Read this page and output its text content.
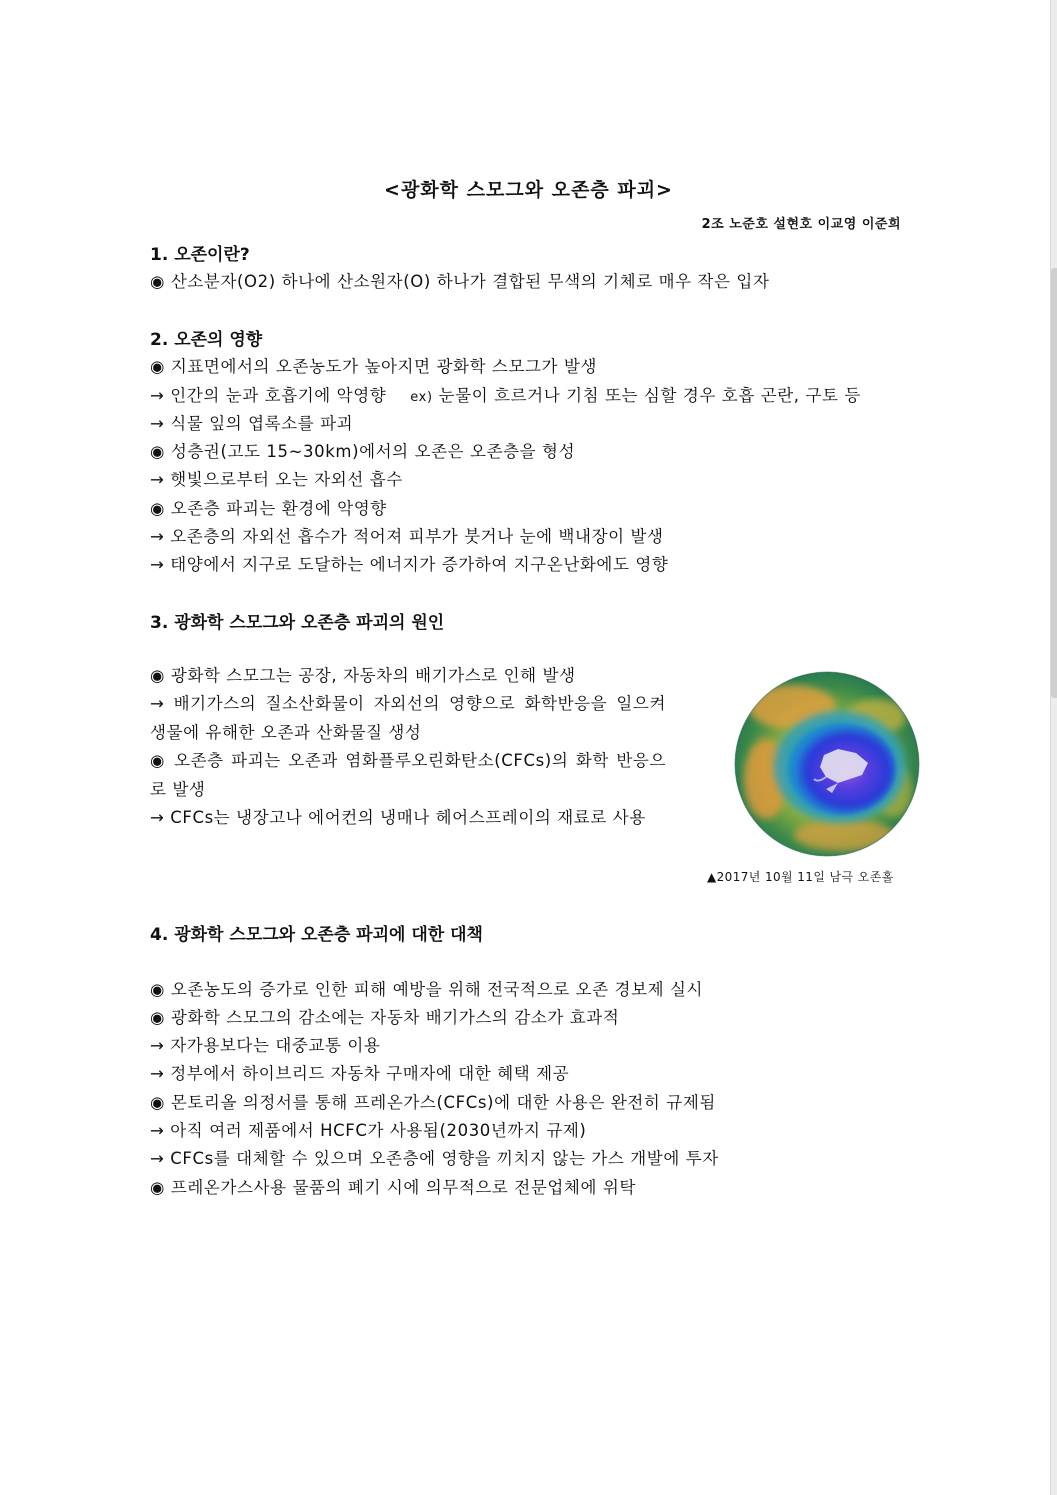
<광화학 스모그와 오존층 파괴>
2조 노준호 설현호 이교영 이준희
1. 오존이란?
◉ 산소분자(O2) 하나에 산소원자(O) 하나가 결합된 무색의 기체로 매우 작은 입자
2. 오존의 영향
◉ 지표면에서의 오존농도가 높아지면 광화학 스모그가 발생
→ 인간의 눈과 호흡기에 악영향 ex) 눈물이 흐르거나 기침 또는 심할 경우 호흡 곤란, 구토 등
→ 식물 잎의 엽록소를 파괴
◉ 성층권(고도 15~30km)에서의 오존은 오존층을 형성
→ 햇빛으로부터 오는 자외선 흡수
◉ 오존층 파괴는 환경에 악영향
→ 오존층의 자외선 흡수가 적어져 피부가 붓거나 눈에 백내장이 발생
→ 태양에서 지구로 도달하는 에너지가 증가하여 지구온난화에도 영향
3. 광화학 스모그와 오존층 파괴의 원인
◉ 광화학 스모그는 공장, 자동차의 배기가스로 인해 발생
→ 배기가스의 질소산화물이 자외선의 영향으로 화학반응을 일으켜 생물에 유해한 오존과 산화물질 생성
◉ 오존층 파괴는 오존과 염화플루오린화탄소(CFCs)의 화학 반응으로 발생
→ CFCs는 냉장고나 에어컨의 냉매나 헤어스프레이의 재료로 사용
▲2017년 10월 11일 남극 오존홀
4. 광화학 스모그와 오존층 파괴에 대한 대책
◉ 오존농도의 증가로 인한 피해 예방을 위해 전국적으로 오존 경보제 실시
◉ 광화학 스모그의 감소에는 자동차 배기가스의 감소가 효과적
→ 자가용보다는 대중교통 이용
→ 정부에서 하이브리드 자동차 구매자에 대한 혜택 제공
◉ 몬토리올 의정서를 통해 프레온가스(CFCs)에 대한 사용은 완전히 규제됨
→ 아직 여러 제품에서 HCFC가 사용됨(2030년까지 규제)
→ CFCs를 대체할 수 있으며 오존층에 영향을 끼치지 않는 가스 개발에 투자
◉ 프레온가스사용 물품의 폐기 시에 의무적으로 전문업체에 위탁
